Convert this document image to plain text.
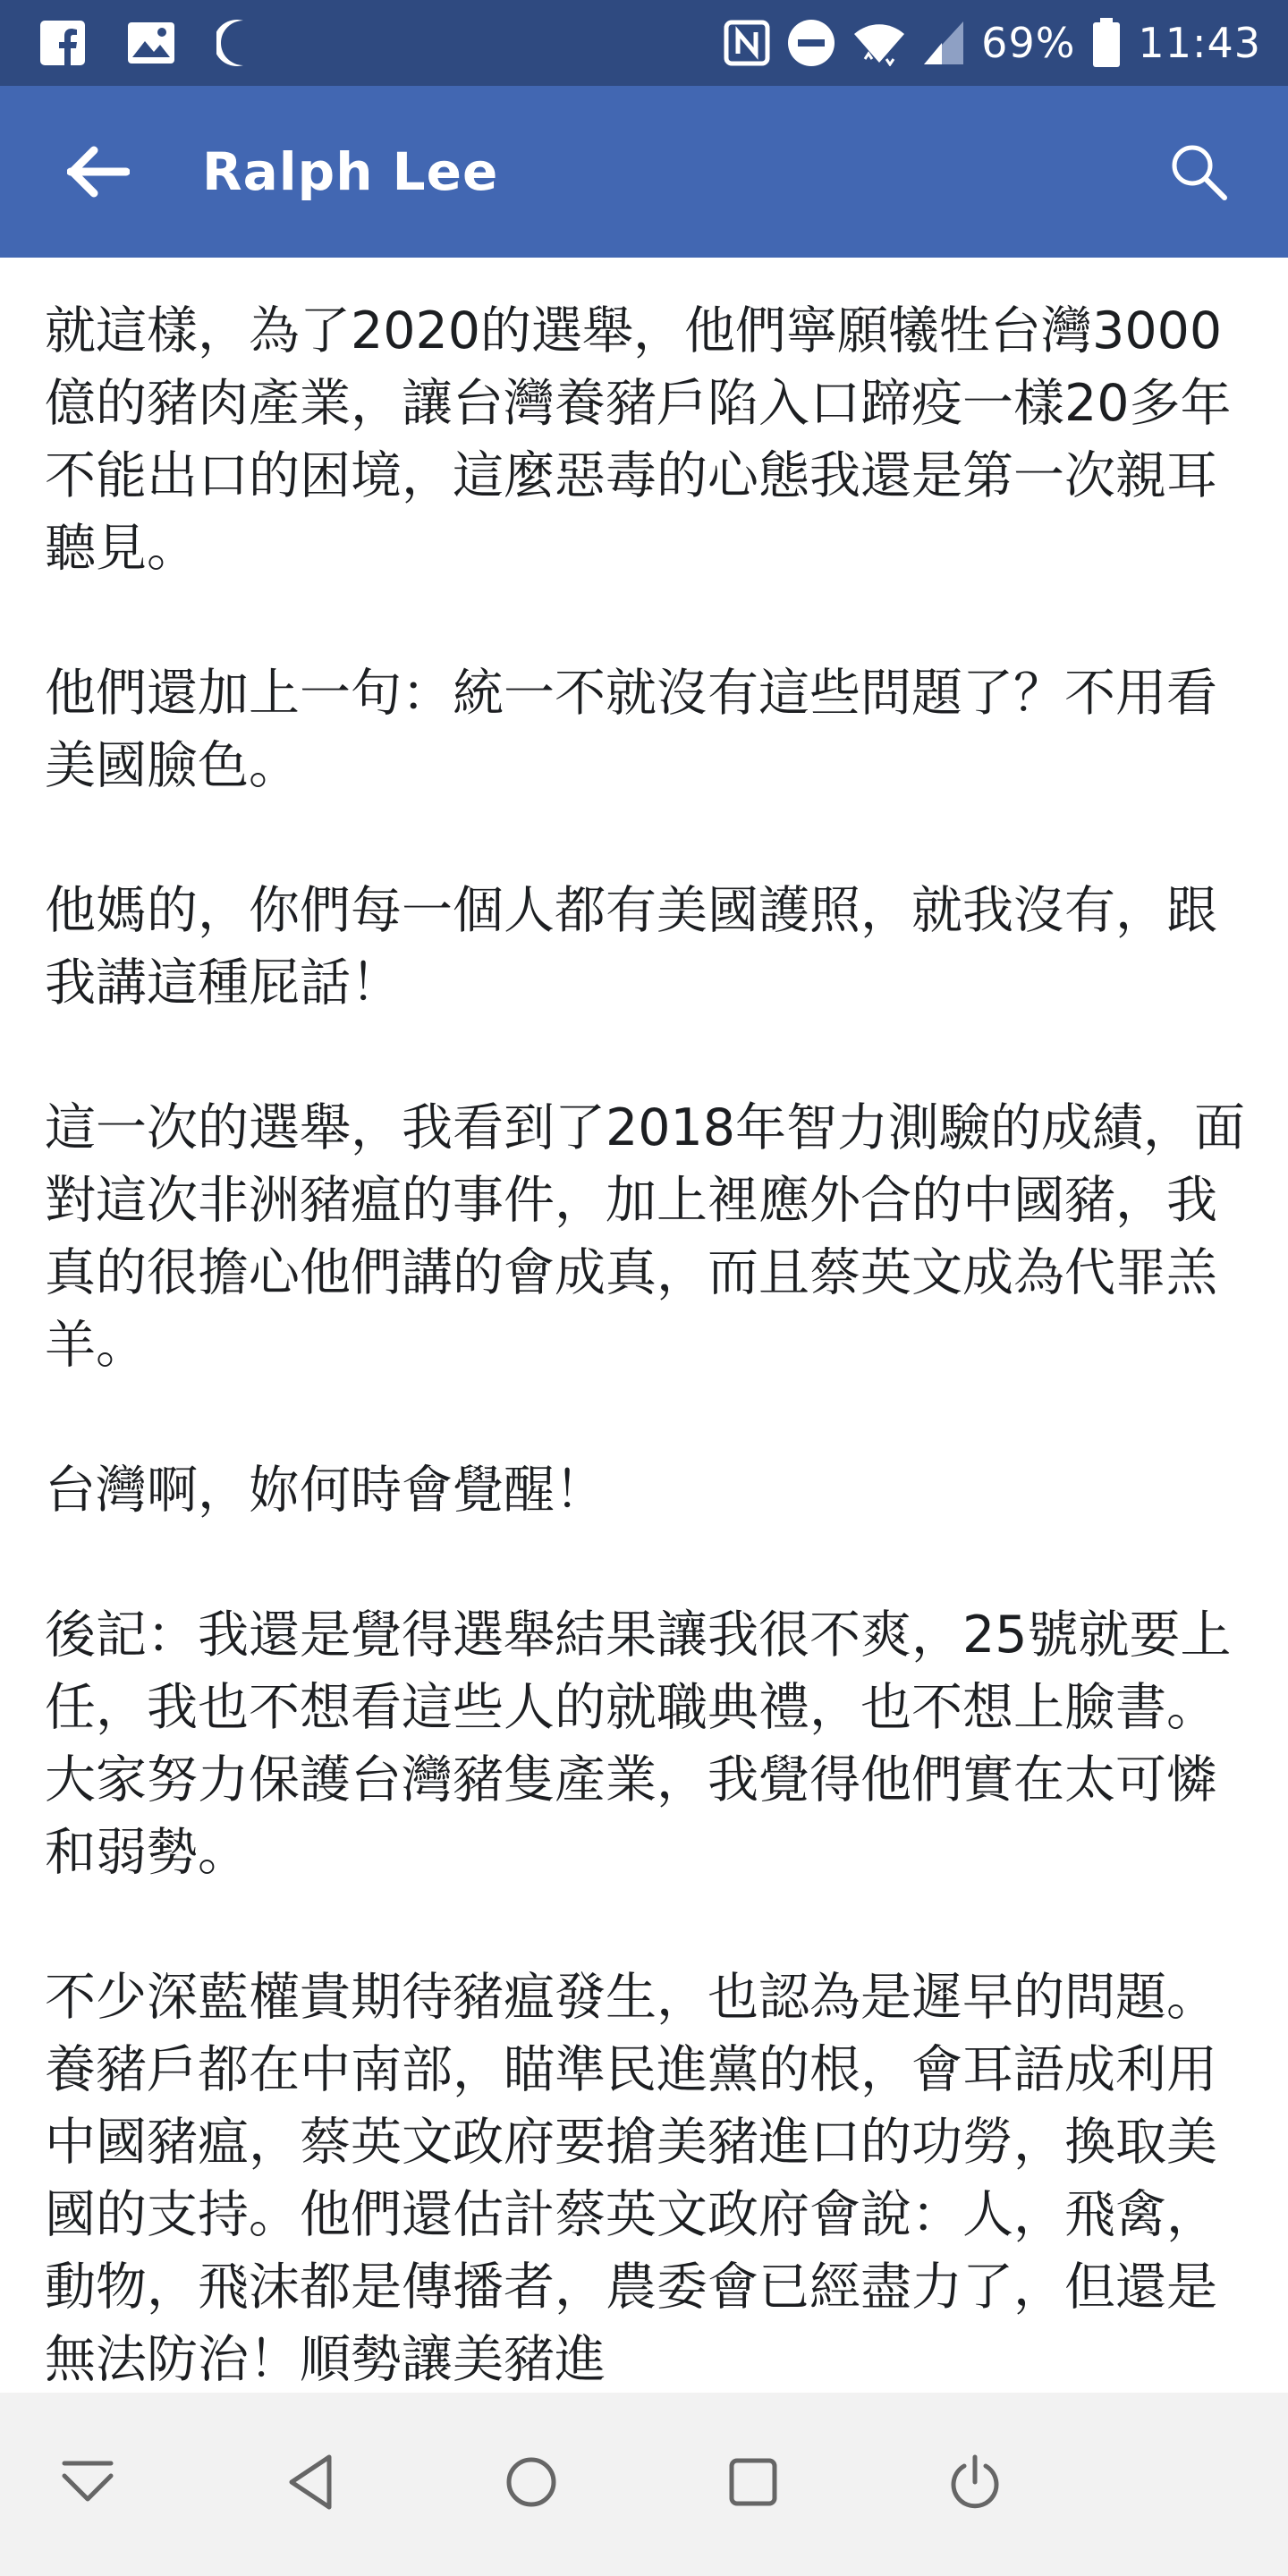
69% 11:43
Ralph Lee

就這樣，為了2020的選舉，他們寧願犧牲台灣3000億的豬肉產業，讓台灣養豬戶陷入口蹄疫一樣20多年不能出口的困境，這麼惡毒的心態我還是第一次親耳聽見。

他們還加上一句：統一不就沒有這些問題了？不用看美國臉色。

他媽的，你們每一個人都有美國護照，就我沒有，跟我講這種屁話！

這一次的選舉，我看到了2018年智力測驗的成績，面對這次非洲豬瘟的事件，加上裡應外合的中國豬，我真的很擔心他們講的會成真，而且蔡英文成為代罪羔羊。

台灣啊，妳何時會覺醒！

後記：我還是覺得選舉結果讓我很不爽，25號就要上任，我也不想看這些人的就職典禮，也不想上臉書。大家努力保護台灣豬隻產業，我覺得他們實在太可憐和弱勢。

不少深藍權貴期待豬瘟發生，也認為是遲早的問題。養豬戶都在中南部，瞄準民進黨的根，會耳語成利用中國豬瘟，蔡英文政府要搶美豬進口的功勞，換取美國的支持。他們還估計蔡英文政府會說：人，飛禽，動物，飛沫都是傳播者，農委會已經盡力了，但還是無法防治！順勢讓美豬進
